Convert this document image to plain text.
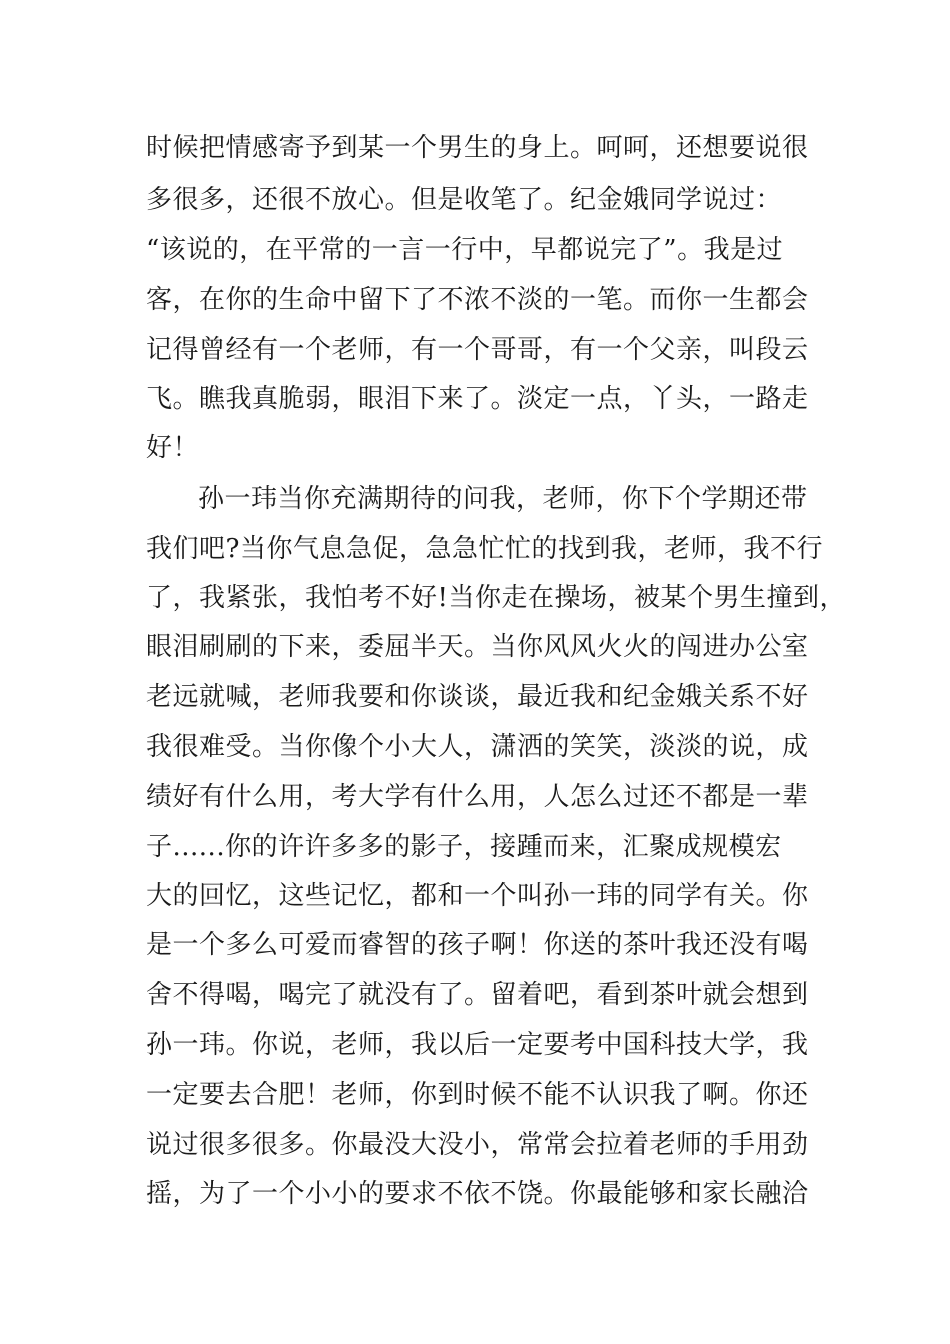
时候把情感寄予到某一个男生的身上。呵呵，还想要说很
多很多，还很不放心。但是收笔了。纪金娥同学说过：
“该说的，在平常的一言一行中，早都说完了”。我是过
客，在你的生命中留下了不浓不淡的一笔。而你一生都会
记得曾经有一个老师，有一个哥哥，有一个父亲，叫段云
飞。瞧我真脆弱，眼泪下来了。淡定一点，丫头，一路走
好！
孙一玮当你充满期待的问我，老师，你下个学期还带
我们吧?当你气息急促，急急忙忙的找到我，老师，我不行
了，我紧张，我怕考不好!当你走在操场，被某个男生撞到，
眼泪刷刷的下来，委屈半天。当你风风火火的闯进办公室
老远就喊，老师我要和你谈谈，最近我和纪金娥关系不好
我很难受。当你像个小大人，潇洒的笑笑，淡淡的说，成
绩好有什么用，考大学有什么用，人怎么过还不都是一辈
子......你的许许多多的影子，接踵而来，汇聚成规模宏
大的回忆，这些记忆，都和一个叫孙一玮的同学有关。你
是一个多么可爱而睿智的孩子啊！你送的茶叶我还没有喝
舍不得喝，喝完了就没有了。留着吧，看到茶叶就会想到
孙一玮。你说，老师，我以后一定要考中国科技大学，我
一定要去合肥！老师，你到时候不能不认识我了啊。你还
说过很多很多。你最没大没小，常常会拉着老师的手用劲
摇，为了一个小小的要求不依不饶。你最能够和家长融洽
